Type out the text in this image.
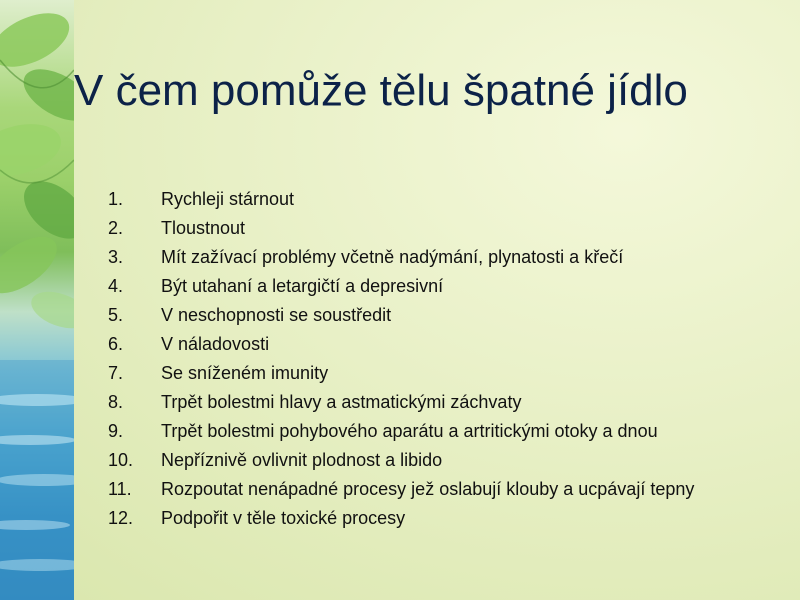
V čem pomůže tělu špatné jídlo
1. Rychleji stárnout
2. Tloustnout
3. Mít zažívací problémy včetně nadýmání, plynatosti a křečí
4. Být utahaní a letargičtí a depresivní
5. V neschopnosti se soustředit
6. V náladovosti
7. Se sníženém imunity
8. Trpět bolestmi hlavy a astmatickými záchvaty
9. Trpět bolestmi pohybového aparátu a artritickými otoky a dnou
10. Nepříznivě ovlivnit plodnost a libido
11. Rozpoutat nenápadné procesy jež oslabují klouby a ucpávají tepny
12. Podpořit v těle toxické procesy
